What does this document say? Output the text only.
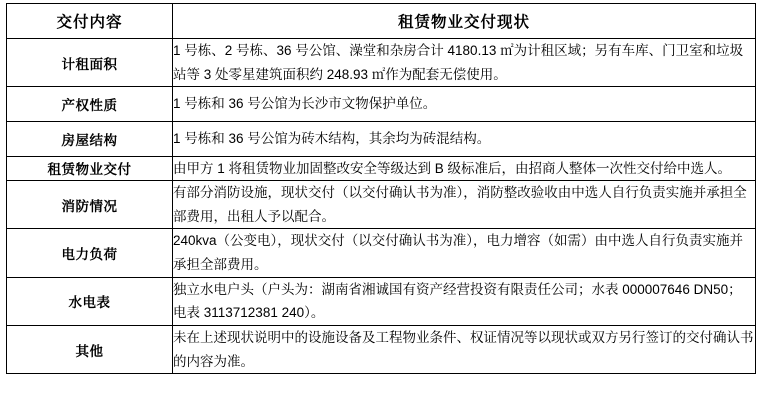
交付内容	租赁物业交付现状
计租面积	1 号栋、2 号栋、36 号公馆、澡堂和杂房合计 4180.13 ㎡为计租区域；另有车库、门卫室和垃圾站等 3 处零星建筑面积约 248.93 ㎡作为配套无偿使用。
产权性质	1 号栋和 36 号公馆为长沙市文物保护单位。
房屋结构	1 号栋和 36 号公馆为砖木结构，其余均为砖混结构。
租赁物业交付	由甲方 1 将租赁物业加固整改安全等级达到 B 级标准后，由招商人整体一次性交付给中选人。
消防情况	有部分消防设施，现状交付（以交付确认书为准），消防整改验收由中选人自行负责实施并承担全部费用，出租人予以配合。
电力负荷	240kva（公变电），现状交付（以交付确认书为准），电力增容（如需）由中选人自行负责实施并承担全部费用。
水电表	独立水电户头（户头为：湖南省湘诚国有资产经营投资有限责任公司；水表 000007646 DN50；电表 3113712381 240）。
其他	未在上述现状说明中的设施设备及工程物业条件、权证情况等以现状或双方另行签订的交付确认书的内容为准。
